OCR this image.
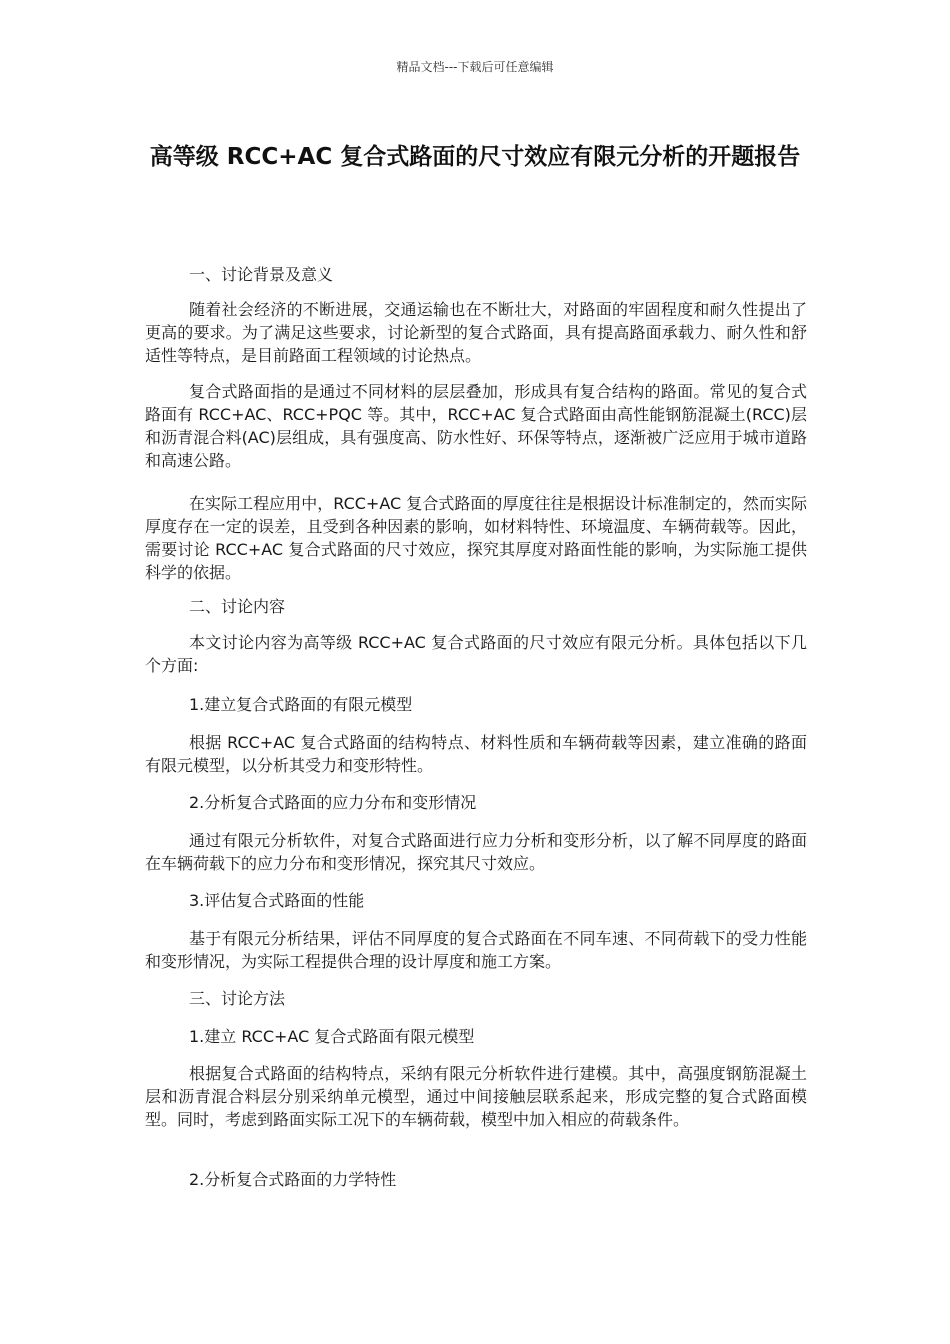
精品文档---下载后可任意编辑
高等级 RCC+AC 复合式路面的尺寸效应有限元分析的开题报告
一、讨论背景及意义
随着社会经济的不断进展，交通运输也在不断壮大，对路面的牢固程度和耐久性提出了更高的要求。为了满足这些要求，讨论新型的复合式路面，具有提高路面承载力、耐久性和舒适性等特点，是目前路面工程领域的讨论热点。
复合式路面指的是通过不同材料的层层叠加，形成具有复合结构的路面。常见的复合式路面有 RCC+AC、RCC+PQC 等。其中，RCC+AC 复合式路面由高性能钢筋混凝土(RCC)层和沥青混合料(AC)层组成，具有强度高、防水性好、环保等特点，逐渐被广泛应用于城市道路和高速公路。
在实际工程应用中，RCC+AC 复合式路面的厚度往往是根据设计标准制定的，然而实际厚度存在一定的误差，且受到各种因素的影响，如材料特性、环境温度、车辆荷载等。因此，需要讨论 RCC+AC 复合式路面的尺寸效应，探究其厚度对路面性能的影响，为实际施工提供科学的依据。
二、讨论内容
本文讨论内容为高等级 RCC+AC 复合式路面的尺寸效应有限元分析。具体包括以下几个方面:
1.建立复合式路面的有限元模型
根据 RCC+AC 复合式路面的结构特点、材料性质和车辆荷载等因素，建立准确的路面有限元模型，以分析其受力和变形特性。
2.分析复合式路面的应力分布和变形情况
通过有限元分析软件，对复合式路面进行应力分析和变形分析，以了解不同厚度的路面在车辆荷载下的应力分布和变形情况，探究其尺寸效应。
3.评估复合式路面的性能
基于有限元分析结果，评估不同厚度的复合式路面在不同车速、不同荷载下的受力性能和变形情况，为实际工程提供合理的设计厚度和施工方案。
三、讨论方法
1.建立 RCC+AC 复合式路面有限元模型
根据复合式路面的结构特点，采纳有限元分析软件进行建模。其中，高强度钢筋混凝土层和沥青混合料层分别采纳单元模型，通过中间接触层联系起来，形成完整的复合式路面模型。同时，考虑到路面实际工况下的车辆荷载，模型中加入相应的荷载条件。
2.分析复合式路面的力学特性
